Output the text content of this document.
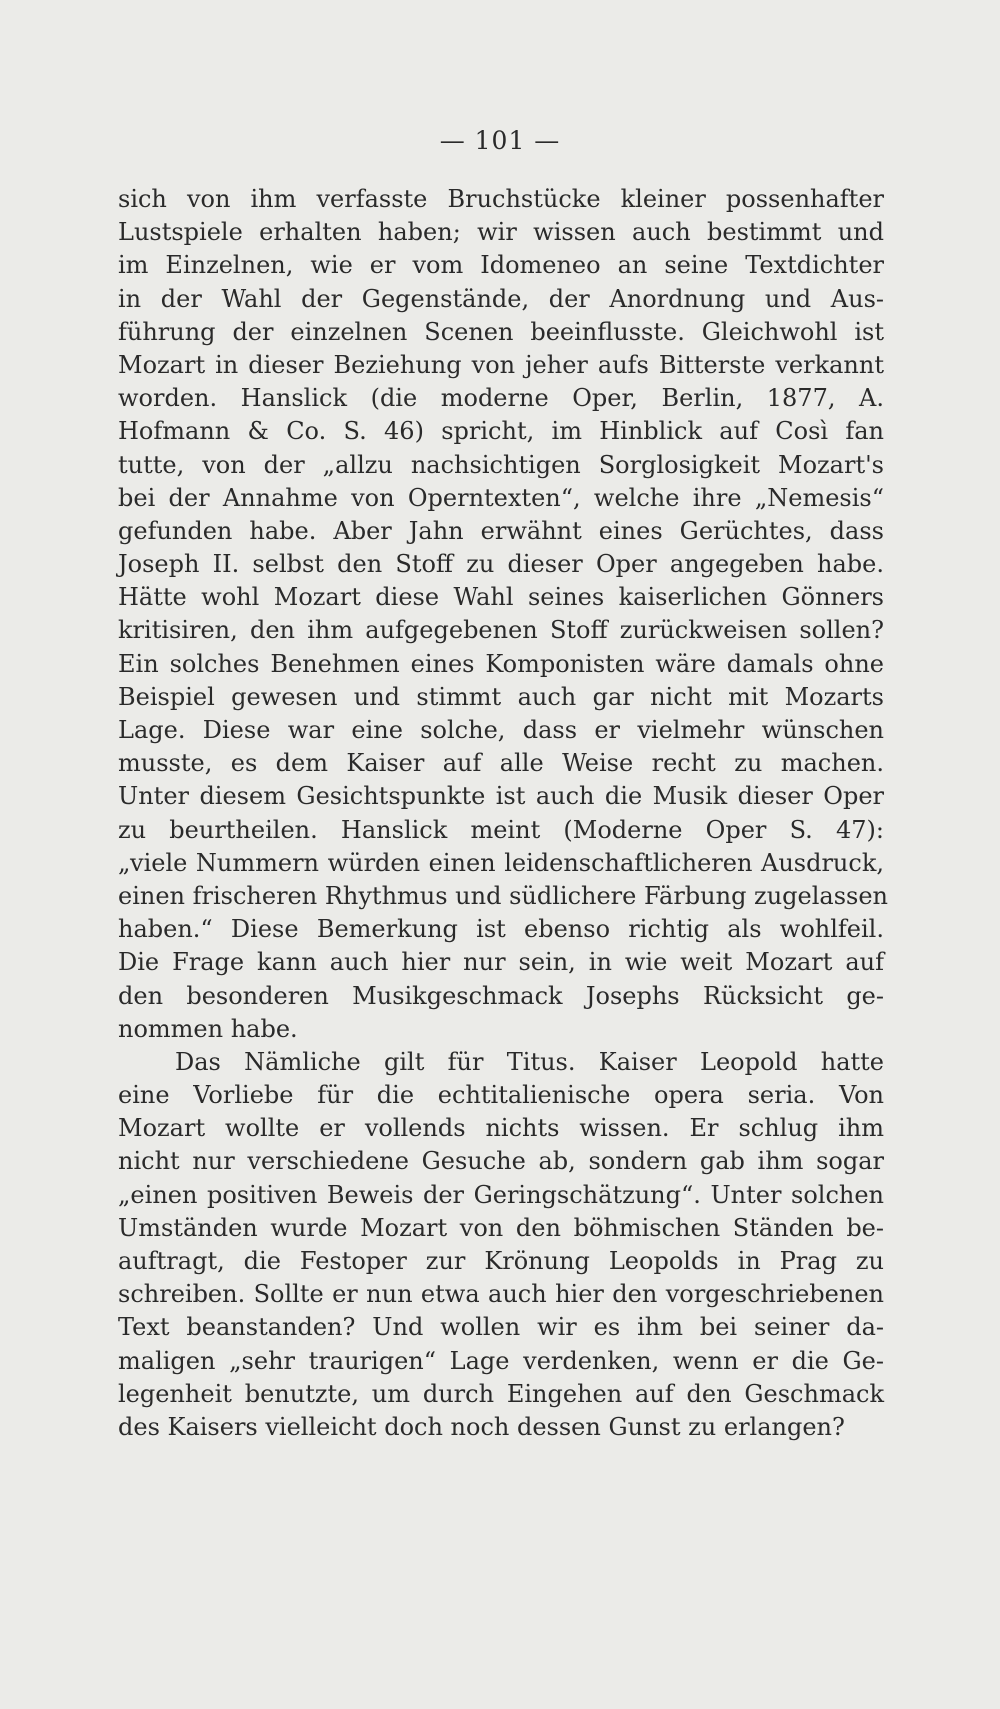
— 101 —
sich von ihm verfasste Bruchstücke kleiner possenhafter
Lustspiele erhalten haben; wir wissen auch bestimmt und
im Einzelnen, wie er vom Idomeneo an seine Textdichter
in der Wahl der Gegenstände, der Anordnung und Aus-
führung der einzelnen Scenen beeinflusste. Gleichwohl ist
Mozart in dieser Beziehung von jeher aufs Bitterste verkannt
worden. Hanslick (die moderne Oper, Berlin, 1877, A.
Hofmann & Co. S. 46) spricht, im Hinblick auf Così fan
tutte, von der „allzu nachsichtigen Sorglosigkeit Mozart's
bei der Annahme von Operntexten“, welche ihre „Nemesis“
gefunden habe. Aber Jahn erwähnt eines Gerüchtes, dass
Joseph II. selbst den Stoff zu dieser Oper angegeben habe.
Hätte wohl Mozart diese Wahl seines kaiserlichen Gönners
kritisiren, den ihm aufgegebenen Stoff zurückweisen sollen?
Ein solches Benehmen eines Komponisten wäre damals ohne
Beispiel gewesen und stimmt auch gar nicht mit Mozarts
Lage. Diese war eine solche, dass er vielmehr wünschen
musste, es dem Kaiser auf alle Weise recht zu machen.
Unter diesem Gesichtspunkte ist auch die Musik dieser Oper
zu beurtheilen. Hanslick meint (Moderne Oper S. 47):
„viele Nummern würden einen leidenschaftlicheren Ausdruck,
einen frischeren Rhythmus und südlichere Färbung zugelassen
haben.“ Diese Bemerkung ist ebenso richtig als wohlfeil.
Die Frage kann auch hier nur sein, in wie weit Mozart auf
den besonderen Musikgeschmack Josephs Rücksicht ge-
nommen habe.
Das Nämliche gilt für Titus. Kaiser Leopold hatte
eine Vorliebe für die echtitalienische opera seria. Von
Mozart wollte er vollends nichts wissen. Er schlug ihm
nicht nur verschiedene Gesuche ab, sondern gab ihm sogar
„einen positiven Beweis der Geringschätzung“. Unter solchen
Umständen wurde Mozart von den böhmischen Ständen be-
auftragt, die Festoper zur Krönung Leopolds in Prag zu
schreiben. Sollte er nun etwa auch hier den vorgeschriebenen
Text beanstanden? Und wollen wir es ihm bei seiner da-
maligen „sehr traurigen“ Lage verdenken, wenn er die Ge-
legenheit benutzte, um durch Eingehen auf den Geschmack
des Kaisers vielleicht doch noch dessen Gunst zu erlangen?
